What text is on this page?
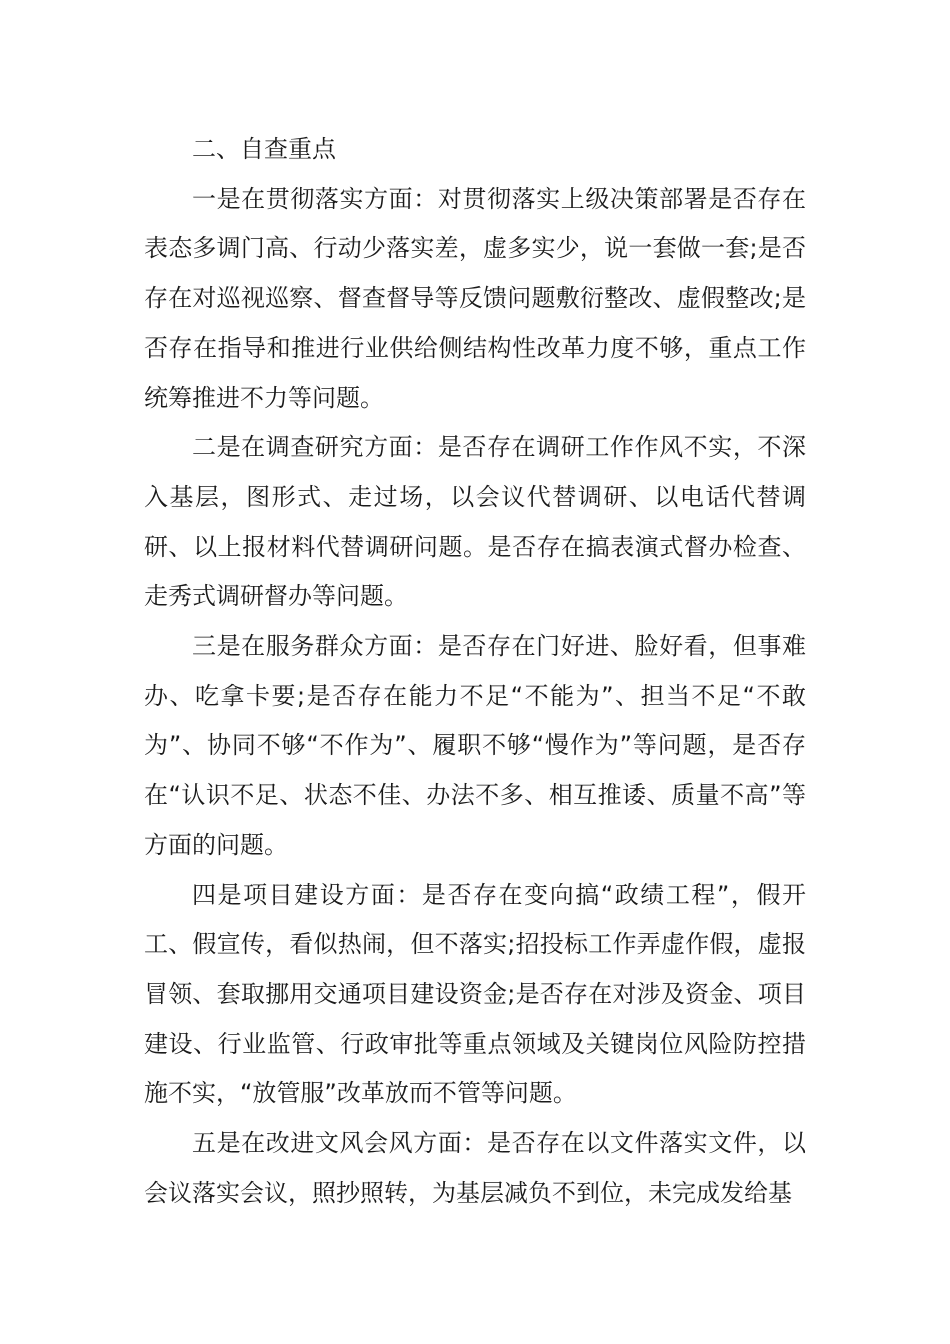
二、自查重点

一是在贯彻落实方面：对贯彻落实上级决策部署是否存在表态多调门高、行动少落实差，虚多实少，说一套做一套;是否存在对巡视巡察、督查督导等反馈问题敷衍整改、虚假整改;是否存在指导和推进行业供给侧结构性改革力度不够，重点工作统筹推进不力等问题。

二是在调查研究方面：是否存在调研工作作风不实，不深入基层，图形式、走过场，以会议代替调研、以电话代替调研、以上报材料代替调研问题。是否存在搞表演式督办检查、走秀式调研督办等问题。

三是在服务群众方面：是否存在门好进、脸好看，但事难办、吃拿卡要;是否存在能力不足“不能为”、担当不足“不敢为”、协同不够“不作为”、履职不够“慢作为”等问题，是否存在“认识不足、状态不佳、办法不多、相互推诿、质量不高”等方面的问题。

四是项目建设方面：是否存在变向搞“政绩工程”，假开工、假宣传，看似热闹，但不落实;招投标工作弄虚作假，虚报冒领、套取挪用交通项目建设资金;是否存在对涉及资金、项目建设、行业监管、行政审批等重点领域及关键岗位风险防控措施不实，“放管服”改革放而不管等问题。

五是在改进文风会风方面：是否存在以文件落实文件，以会议落实会议，照抄照转，为基层减负不到位，未完成发给基
